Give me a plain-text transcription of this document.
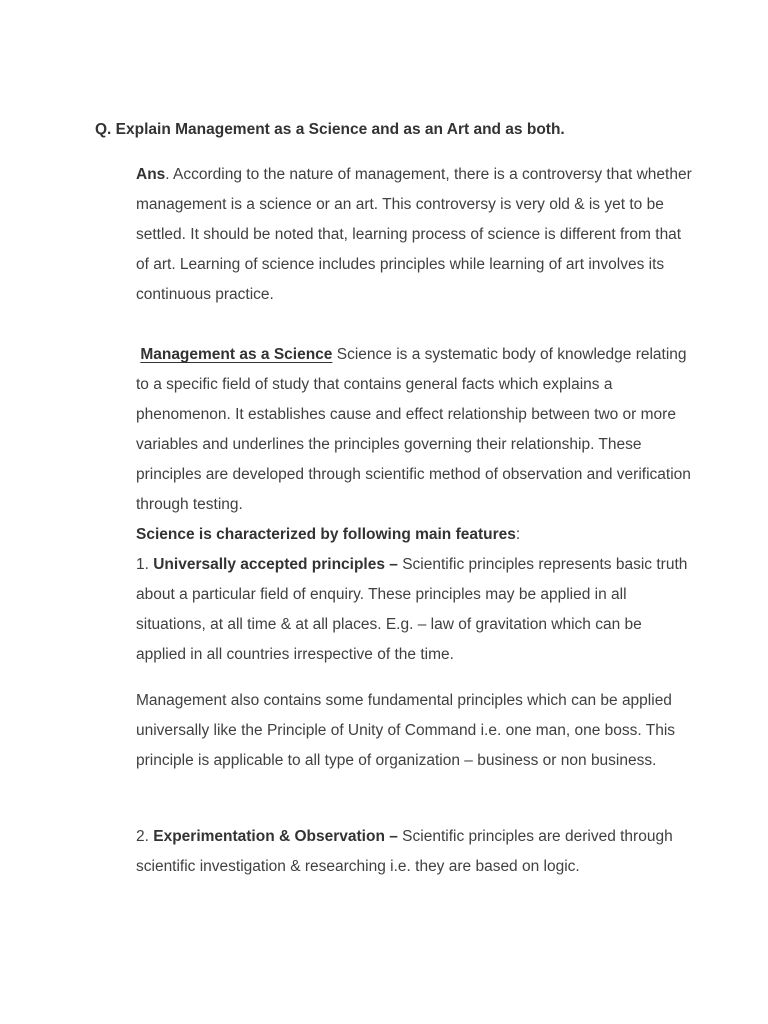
Q. Explain Management as a Science and as an Art and as both.

Ans. According to the nature of management, there is a controversy that whether management is a science or an art. This controversy is very old & is yet to be settled. It should be noted that, learning process of science is different from that of art. Learning of science includes principles while learning of art involves its continuous practice.

Management as a Science Science is a systematic body of knowledge relating to a specific field of study that contains general facts which explains a phenomenon. It establishes cause and effect relationship between two or more variables and underlines the principles governing their relationship. These principles are developed through scientific method of observation and verification through testing.

Science is characterized by following main features:

1. Universally accepted principles – Scientific principles represents basic truth about a particular field of enquiry. These principles may be applied in all situations, at all time & at all places. E.g. – law of gravitation which can be applied in all countries irrespective of the time.

Management also contains some fundamental principles which can be applied universally like the Principle of Unity of Command i.e. one man, one boss. This principle is applicable to all type of organization – business or non business.

2. Experimentation & Observation – Scientific principles are derived through scientific investigation & researching i.e. they are based on logic.
